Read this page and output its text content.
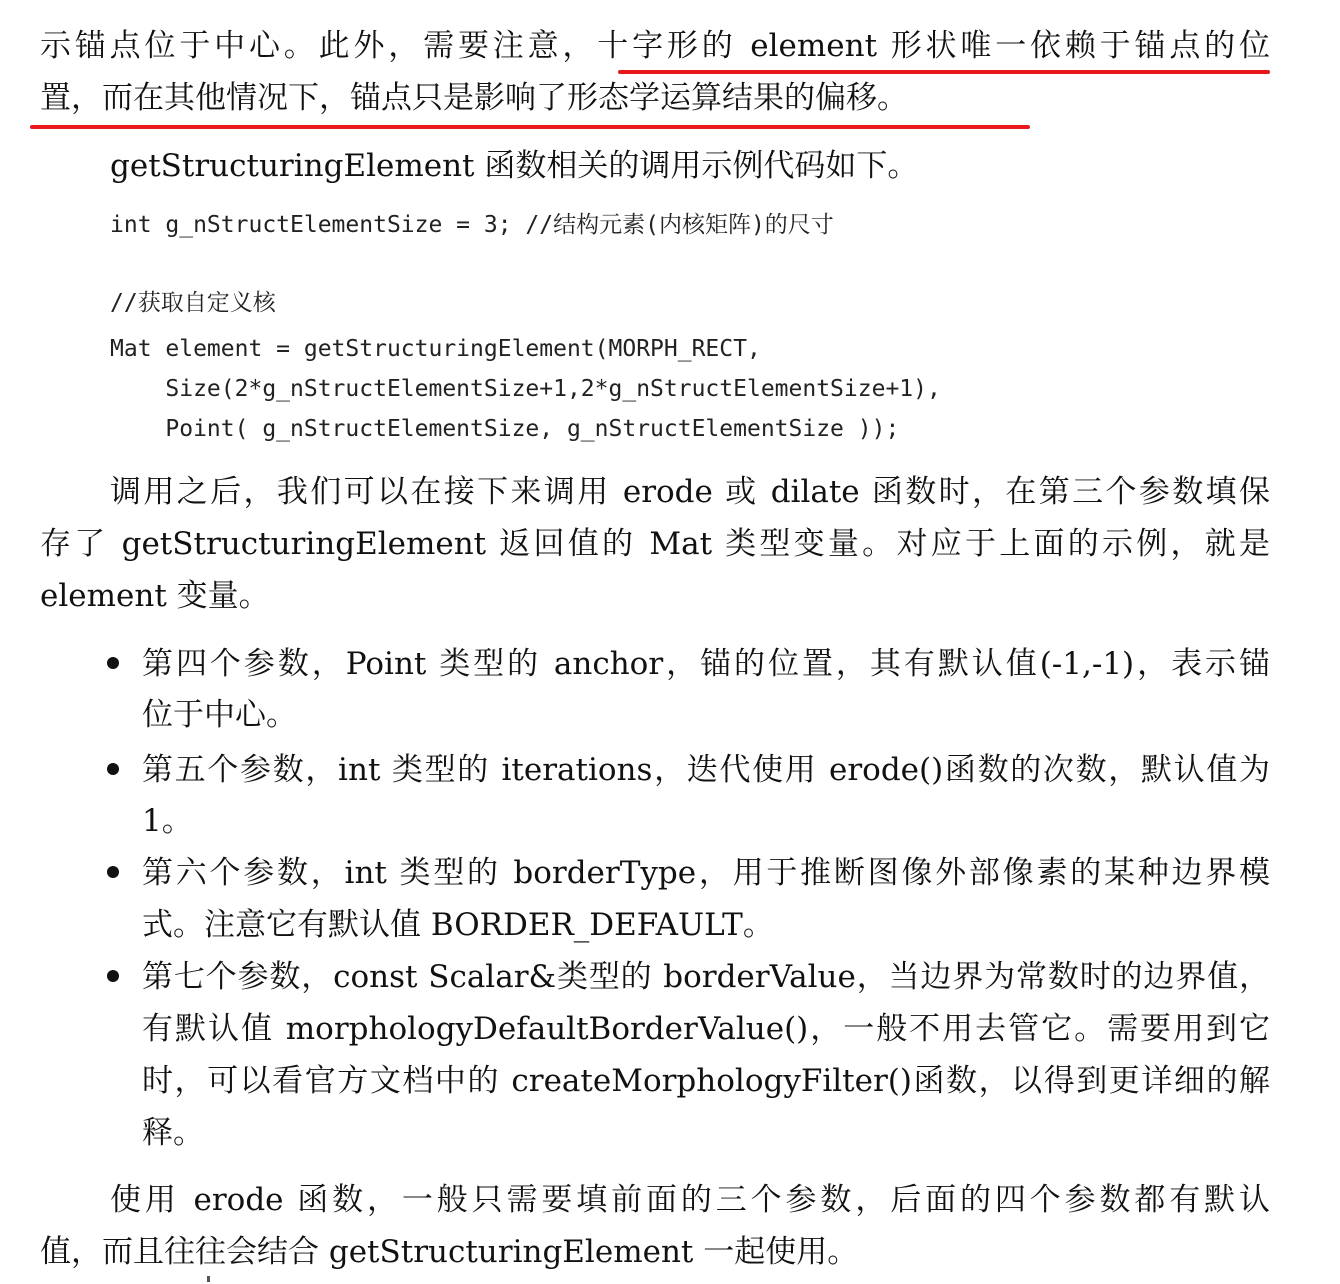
示锚点位于中心。此外，需要注意，十字形的 element 形状唯一依赖于锚点的位
置，而在其他情况下，锚点只是影响了形态学运算结果的偏移。
getStructuringElement 函数相关的调用示例代码如下。
int g_nStructElementSize = 3; //结构元素(内核矩阵)的尺寸
//获取自定义核
Mat element = getStructuringElement(MORPH_RECT,
Size(2*g_nStructElementSize+1,2*g_nStructElementSize+1),
Point( g_nStructElementSize, g_nStructElementSize ));
调用之后，我们可以在接下来调用 erode 或 dilate 函数时，在第三个参数填保
存了 getStructuringElement 返回值的 Mat 类型变量。对应于上面的示例，就是
element 变量。
第四个参数，Point 类型的 anchor，锚的位置，其有默认值(-1,-1)，表示锚
位于中心。
第五个参数，int 类型的 iterations，迭代使用 erode()函数的次数，默认值为
1。
第六个参数，int 类型的 borderType，用于推断图像外部像素的某种边界模
式。注意它有默认值 BORDER_DEFAULT。
第七个参数，const Scalar&类型的 borderValue，当边界为常数时的边界值，
有默认值 morphologyDefaultBorderValue()，一般不用去管它。需要用到它
时，可以看官方文档中的 createMorphologyFilter()函数，以得到更详细的解
释。
使用 erode 函数，一般只需要填前面的三个参数，后面的四个参数都有默认
值，而且往往会结合 getStructuringElement 一起使用。
